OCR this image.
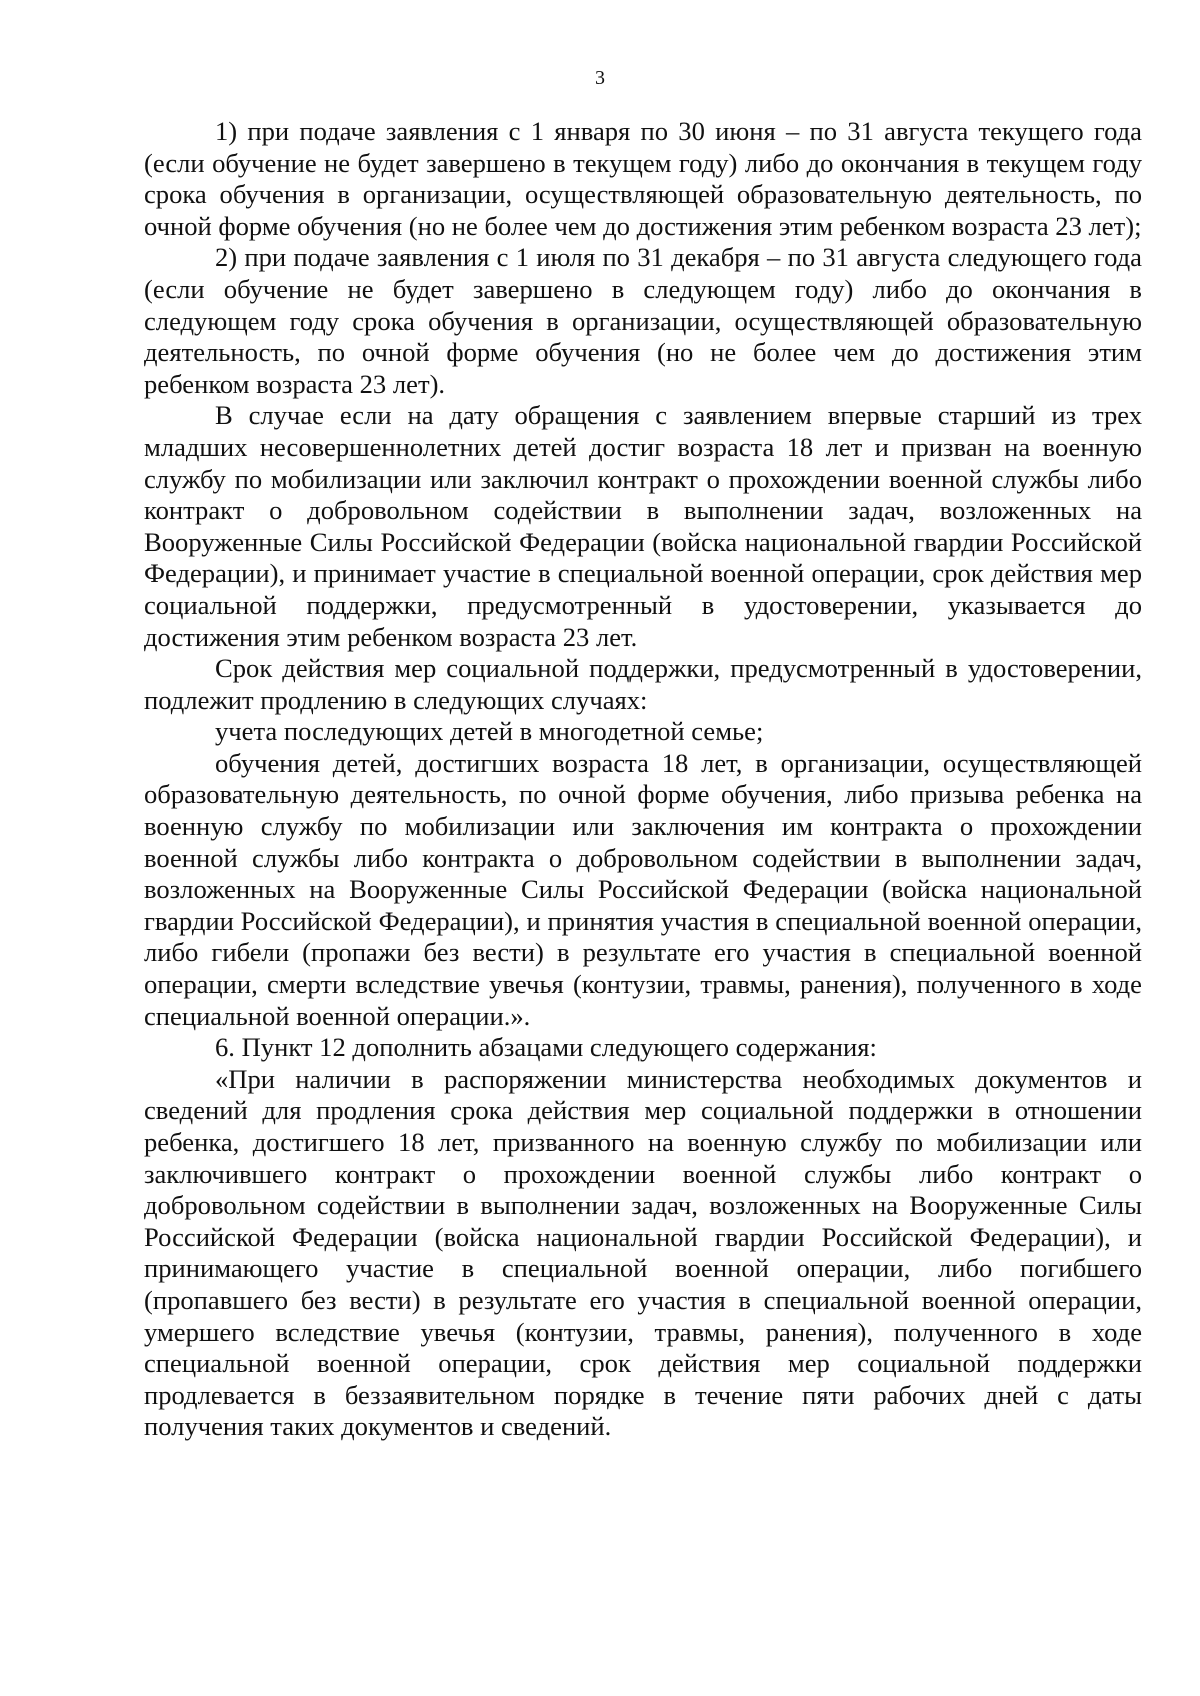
3

1) при подаче заявления с 1 января по 30 июня – по 31 августа текущего года (если обучение не будет завершено в текущем году) либо до окончания в текущем году срока обучения в организации, осуществляющей образовательную деятельность, по очной форме обучения (но не более чем до достижения этим ребенком возраста 23 лет);

2) при подаче заявления с 1 июля по 31 декабря – по 31 августа следующего года (если обучение не будет завершено в следующем году) либо до окончания в следующем году срока обучения в организации, осуществляющей образовательную деятельность, по очной форме обучения (но не более чем до достижения этим ребенком возраста 23 лет).

В случае если на дату обращения с заявлением впервые старший из трех младших несовершеннолетних детей достиг возраста 18 лет и призван на военную службу по мобилизации или заключил контракт о прохождении военной службы либо контракт о добровольном содействии в выполнении задач, возложенных на Вооруженные Силы Российской Федерации (войска национальной гвардии Российской Федерации), и принимает участие в специальной военной операции, срок действия мер социальной поддержки, предусмотренный в удостоверении, указывается до достижения этим ребенком возраста 23 лет.

Срок действия мер социальной поддержки, предусмотренный в удостоверении, подлежит продлению в следующих случаях:

учета последующих детей в многодетной семье;

обучения детей, достигших возраста 18 лет, в организации, осуществляющей образовательную деятельность, по очной форме обучения, либо призыва ребенка на военную службу по мобилизации или заключения им контракта о прохождении военной службы либо контракта о добровольном содействии в выполнении задач, возложенных на Вооруженные Силы Российской Федерации (войска национальной гвардии Российской Федерации), и принятия участия в специальной военной операции, либо гибели (пропажи без вести) в результате его участия в специальной военной операции, смерти вследствие увечья (контузии, травмы, ранения), полученного в ходе специальной военной операции.».

6. Пункт 12 дополнить абзацами следующего содержания:

«При наличии в распоряжении министерства необходимых документов и сведений для продления срока действия мер социальной поддержки в отношении ребенка, достигшего 18 лет, призванного на военную службу по мобилизации или заключившего контракт о прохождении военной службы либо контракт о добровольном содействии в выполнении задач, возложенных на Вооруженные Силы Российской Федерации (войска национальной гвардии Российской Федерации), и принимающего участие в специальной военной операции, либо погибшего (пропавшего без вести) в результате его участия в специальной военной операции, умершего вследствие увечья (контузии, травмы, ранения), полученного в ходе специальной военной операции, срок действия мер социальной поддержки продлевается в беззаявительном порядке в течение пяти рабочих дней с даты получения таких документов и сведений.
